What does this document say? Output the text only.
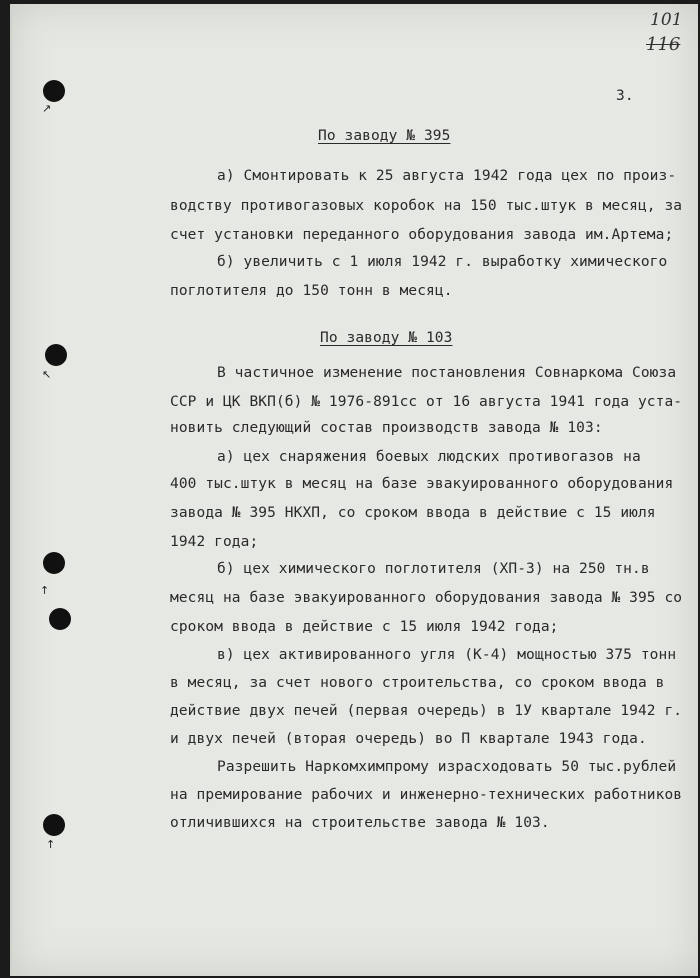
↗
↖
↑
↑
101
116
3.
По заводу № 395
а) Смонтировать к 25 августа 1942 года цех по произ-
водству противогазовых коробок на 150 тыс.штук в месяц, за
счет установки переданного оборудования завода им.Артема;
б) увеличить с 1 июля 1942 г. выработку химического
поглотителя до 150 тонн в месяц.
По заводу № 103
В частичное изменение постановления Совнаркома Союза
ССР и ЦК ВКП(б) № 1976-891сс от 16 августа 1941 года уста-
новить следующий состав производств завода № 103:
а) цех снаряжения боевых людских противогазов на
400 тыс.штук в месяц на базе эвакуированного оборудования
завода № 395 НКХП, со сроком ввода в действие с 15 июля
1942 года;
б) цех химического поглотителя (ХП-3) на 250 тн.в
месяц на базе эвакуированного оборудования завода № 395 со
сроком ввода в действие с 15 июля 1942 года;
в) цех активированного угля (К-4) мощностью 375 тонн
в месяц, за счет нового строительства, со сроком ввода в
действие двух печей (первая очередь) в 1У квартале 1942 г.
и двух печей (вторая очередь) во П квартале 1943 года.
Разрешить Наркомхимпрому израсходовать 50 тыс.рублей
на премирование рабочих и инженерно-технических работников
отличившихся на строительстве завода № 103.
